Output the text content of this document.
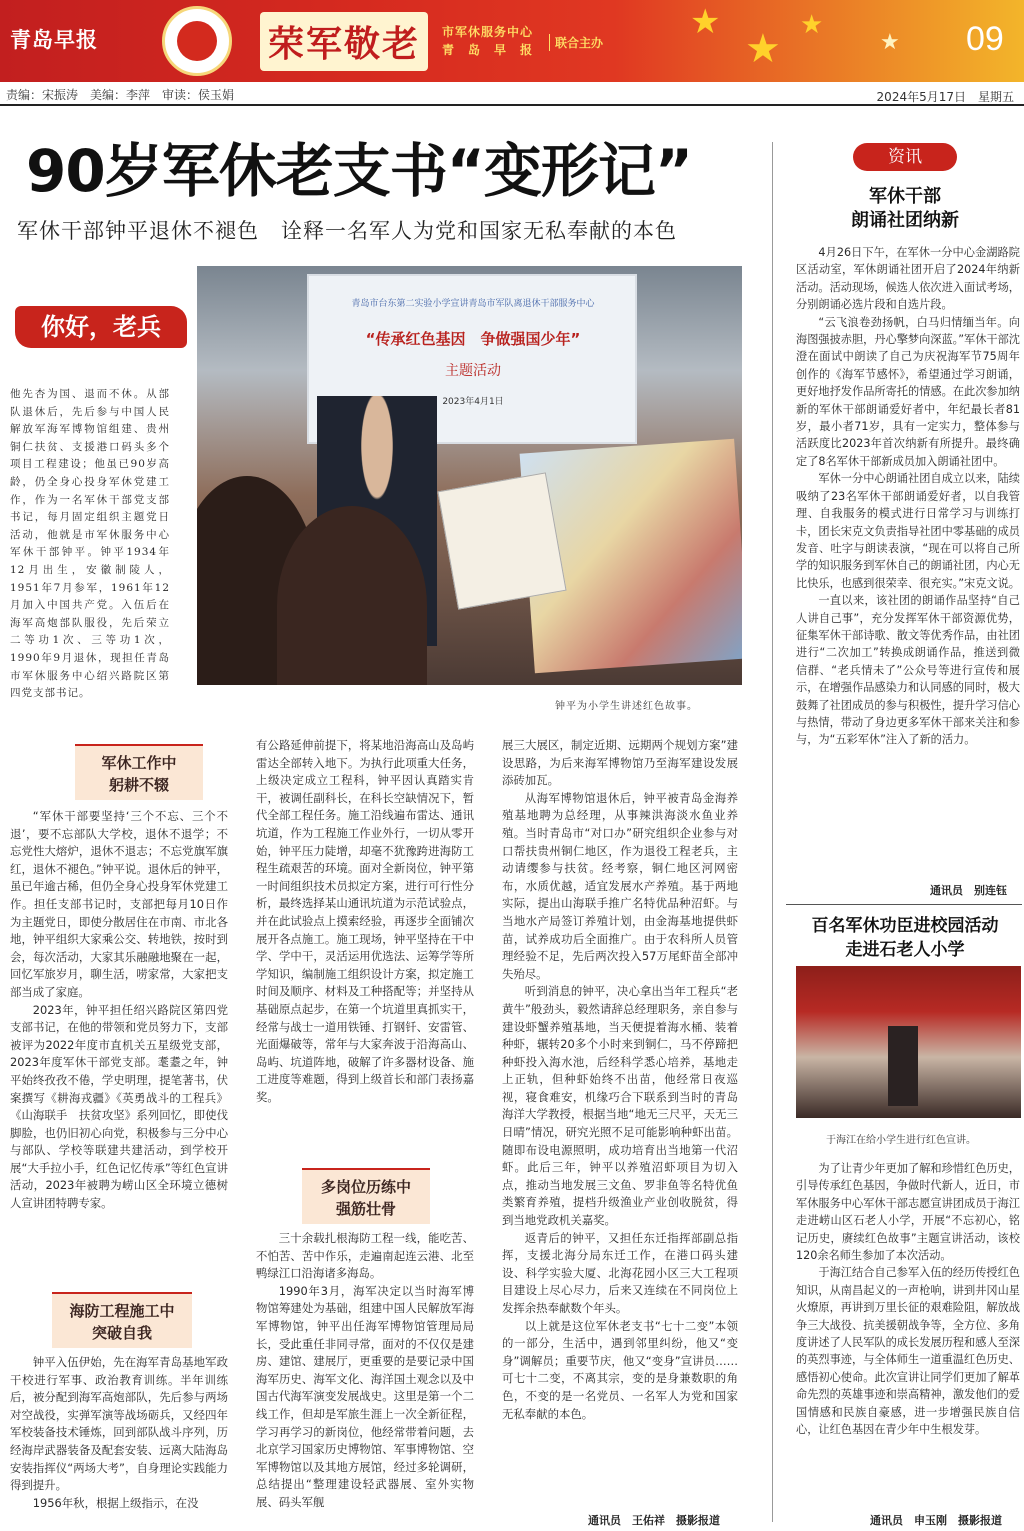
青岛早报	荣军敬老	市军休服务中心
青　岛　早　报	联合主办
★
★
★
★ 09
责编：宋振涛　美编：李萍　审读：侯玉娟	2024年5月17日　星期五
90岁军休老支书“变形记”
军休干部钟平退休不褪色　诠释一名军人为党和国家无私奉献的本色
你好，老兵
他先杏为国、退而不休。从部队退休后，先后参与中国人民解放军海军博物馆组建、贵州铜仁扶贫、支援港口码头多个项目工程建设；他虽已90岁高龄，仍全身心投身军休党建工作，作为一名军休干部党支部书记，每月固定组织主题党日活动，他就是市军休服务中心军休干部钟平。钟平1934年12月出生，安徽制陵人，1951年7月参军，1961年12月加入中国共产党。入伍后在海军高炮部队服役，先后荣立二等功1次、三等功1次，1990年9月退休，现担任青岛市军休服务中心绍兴路院区第四党支部书记。
青岛市台东第二实验小学宣讲青岛市军队离退休干部服务中心
“传承红色基因　争做强国少年”
主题活动
2023年4月1日
钟平为小学生讲述红色故事。
军休工作中
躬耕不辍

“军休干部要坚持‘三个不忘、三个不退’，要不忘部队大学校，退休不退学；不忘党性大熔炉，退休不退志；不忘党旗军旗红，退休不褪色。”钟平说。退休后的钟平，虽已年逾古稀，但仍全身心投身军休党建工作。担任支部书记时，支部把每月10日作为主题党日，即使分散居住在市南、市北各地，钟平组织大家乘公交、转地铁，按时到会，每次活动，大家其乐融融地聚在一起，回忆军旅岁月，聊生活，唠家常，大家把支部当成了家庭。

2023年，钟平担任绍兴路院区第四党支部书记，在他的带领和党员努力下，支部被评为2022年度市直机关五星级党支部，2023年度军休干部党支部。耄耋之年，钟平始终孜孜不倦，学史明理，提笔著书，伏案撰写《耕海戎疆》《英勇战斗的工程兵》《山海联手　扶贫攻坚》系列回忆，即使伐脚脸，也仍旧初心向党，积极参与三分中心与部队、学校等联建共建活动，到学校开展“大手拉小手，红色记忆传承”等红色宣讲活动，2023年被聘为崂山区全环境立德树人宣讲团特聘专家。

海防工程施工中
突破自我

钟平入伍伊始，先在海军青岛基地军政干校进行军事、政治教育训练。半年训练后，被分配到海军高炮部队，先后参与两场对空战役，实弹军演等战场砺兵，又经四年军校装备技术锤炼，回到部队战斗序列，历经海岸武器装备及配套安装、远离大陆海岛安装指挥仪“两场大考”，自身理论实践能力得到提升。

1956年秋，根据上级指示，在没

有公路延伸前提下，将某地沿海高山及岛屿雷达全部转入地下。为执行此项重大任务，上级决定成立工程科，钟平因认真踏实肯干，被调任副科长，在科长空缺情况下，暂代全部工程任务。施工沿线遍布雷达、通讯坑道，作为工程施工作业外行，一切从零开始，钟平压力陡增，却毫不犹豫跨进海防工程生疏艰苦的环境。面对全新岗位，钟平第一时间组织技术员拟定方案，进行可行性分析，最终选择某山通讯坑道为示范试验点，并在此试验点上摸索经验，再逐步全面铺次展开各点施工。施工现场，钟平坚持在干中学、学中干，灵活运用优选法、运筹学等所学知识，编制施工组织设计方案，拟定施工时间及顺序、材料及工种搭配等；并坚持从基础原点起步，在第一个坑道里真抓实干，经常与战士一道用铁锤、打钢钎、安雷管、光面爆破等，常年与大家奔波于沿海高山、岛屿、坑道阵地，破解了许多器材设备、施工进度等难题，得到上级首长和部门表扬嘉奖。

多岗位历练中
强筋壮骨

三十余载扎根海防工程一线，能吃苦、不怕苦、苦中作乐，走遍南起连云港、北至鸭绿江口沿海诸多海岛。

1990年3月，海军决定以当时海军博物馆筹建处为基础，组建中国人民解放军海军博物馆，钟平出任海军博物馆管理局局长，受此重任非同寻常，面对的不仅仅是建房、建馆、建展厅，更重要的是要记录中国海军历史、海军文化、海洋国土观念以及中国古代海军演变发展战史。这里是第一个二线工作，但却是军旅生涯上一次全新征程，学习再学习的新岗位，他经常带着问题，去北京学习国家历史博物馆、军事博物馆、空军博物馆以及其地方展馆，经过多轮调研，总结提出“整理建设轻武器展、室外实物展、码头军舰

展三大展区，制定近期、远期两个规划方案”建设思路，为后来海军博物馆乃至海军建设发展添砖加瓦。

从海军博物馆退休后，钟平被青岛金海养殖基地聘为总经理，从事辣洪海淡水鱼业养殖。当时青岛市“对口办”研究组织企业参与对口帮扶贵州铜仁地区，作为退役工程老兵，主动请缨参与扶贫。经考察，铜仁地区河网密布，水质优越，适宜发展水产养殖。基于两地实际，提出山海联手推广名特优品种沼虾。与当地水产局签订养殖计划，由金海基地提供虾苗，试养成功后全面推广。由于农科所人员管理经验不足，先后两次投入57万尾虾苗全部冲失殆尽。

听到消息的钟平，决心拿出当年工程兵“老黄牛”般劲头，毅然请辞总经理职务，亲自参与建设虾蟹养殖基地，当天便提着海水桶、装着种虾，辗转20多个小时来到铜仁，马不停蹄把种虾投入海水池，后经科学悉心培养，基地走上正轨，但种虾始终不出苗，他经常日夜巡视，寝食难安，机缘巧合下联系到当时的青岛海洋大学教授，根据当地“地无三尺平，天无三日晴”情况，研究光照不足可能影响种虾出苗。随即布设电源照明，成功培育出当地第一代沼虾。此后三年，钟平以养殖沼虾项目为切入点，推动当地发展三文鱼、罗非鱼等名特优鱼类繁育养殖，提档升级渔业产业创收脱贫，得到当地党政机关嘉奖。

返青后的钟平，又担任东迁指挥部副总指挥，支援北海分局东迁工作，在港口码头建设、科学实验大厦、北海花园小区三大工程项目建设上尽心尽力，后来又连续在不同岗位上发挥余热奉献数个年头。

以上就是这位军休老支书“七十二变”本领的一部分，生活中，遇到邻里纠纷，他又“变身”调解员；重要节庆，他又“变身”宣讲员……可七十二变，不离其宗，变的是身兼数职的角色，不变的是一名党员、一名军人为党和国家无私奉献的本色。

通讯员　王佑祥　摄影报道
资讯
军休干部
朗诵社团纳新

4月26日下午，在军休一分中心金湖路院区活动室，军休朗诵社团开启了2024年纳新活动。活动现场，候选人依次进入面试考场，分别朗诵必选片段和自选片段。

“云飞浪卷劲扬帆，白马归情缅当年。向海图强披赤胆，丹心擎梦向深蓝。”军休干部沈澄在面试中朗读了自己为庆祝海军节75周年创作的《海军节感怀》，希望通过学习朗诵，更好地抒发作品所寄托的情感。在此次参加纳新的军休干部朗诵爱好者中，年纪最长者81岁，最小者71岁，具有一定实力，整体参与活跃度比2023年首次纳新有所提升。最终确定了8名军休干部新成员加入朗诵社团中。

军休一分中心朗诵社团自成立以来，陆续吸纳了23名军休干部朗诵爱好者，以自我管理、自我服务的模式进行日常学习与训练打卡，团长宋克文负责指导社团中零基础的成员发音、吐字与朗读表演，“现在可以将自己所学的知识服务到军休自己的朗诵社团，内心无比快乐，也感到很荣幸、很充实。”宋克文说。

一直以来，该社团的朗诵作品坚持“自己人讲自己事”，充分发挥军休干部资源优势，征集军休干部诗歌、散文等优秀作品，由社团进行“二次加工”转换成朗诵作品，推送到微信群、“老兵情未了”公众号等进行宣传和展示，在增强作品感染力和认同感的同时，极大鼓舞了社团成员的参与积极性，提升学习信心与热情，带动了身边更多军休干部来关注和参与，为“五彩军休”注入了新的活力。

通讯员　别连钰
百名军休功臣进校园活动
走进石老人小学
于海江在给小学生进行红色宣讲。

为了让青少年更加了解和珍惜红色历史，引导传承红色基因，争做时代新人，近日，市军休服务中心军休干部志愿宣讲团成员于海江走进崂山区石老人小学，开展“不忘初心，铭记历史，赓续红色故事”主题宣讲活动，该校120余名师生参加了本次活动。

于海江结合自己参军入伍的经历传授红色知识，从南昌起义的一声枪响，讲到井冈山星火燎原，再讲到万里长征的艰难险阻，解放战争三大战役、抗美援朝战争等，全方位、多角度讲述了人民军队的成长发展历程和感人至深的英烈事迹，与全体师生一道重温红色历史、感悟初心使命。此次宣讲让同学们更加了解革命先烈的英雄事迹和崇高精神，激发他们的爱国情感和民族自豪感，进一步增强民族自信心，让红色基因在青少年中生根发芽。

通讯员　申玉刚　摄影报道
